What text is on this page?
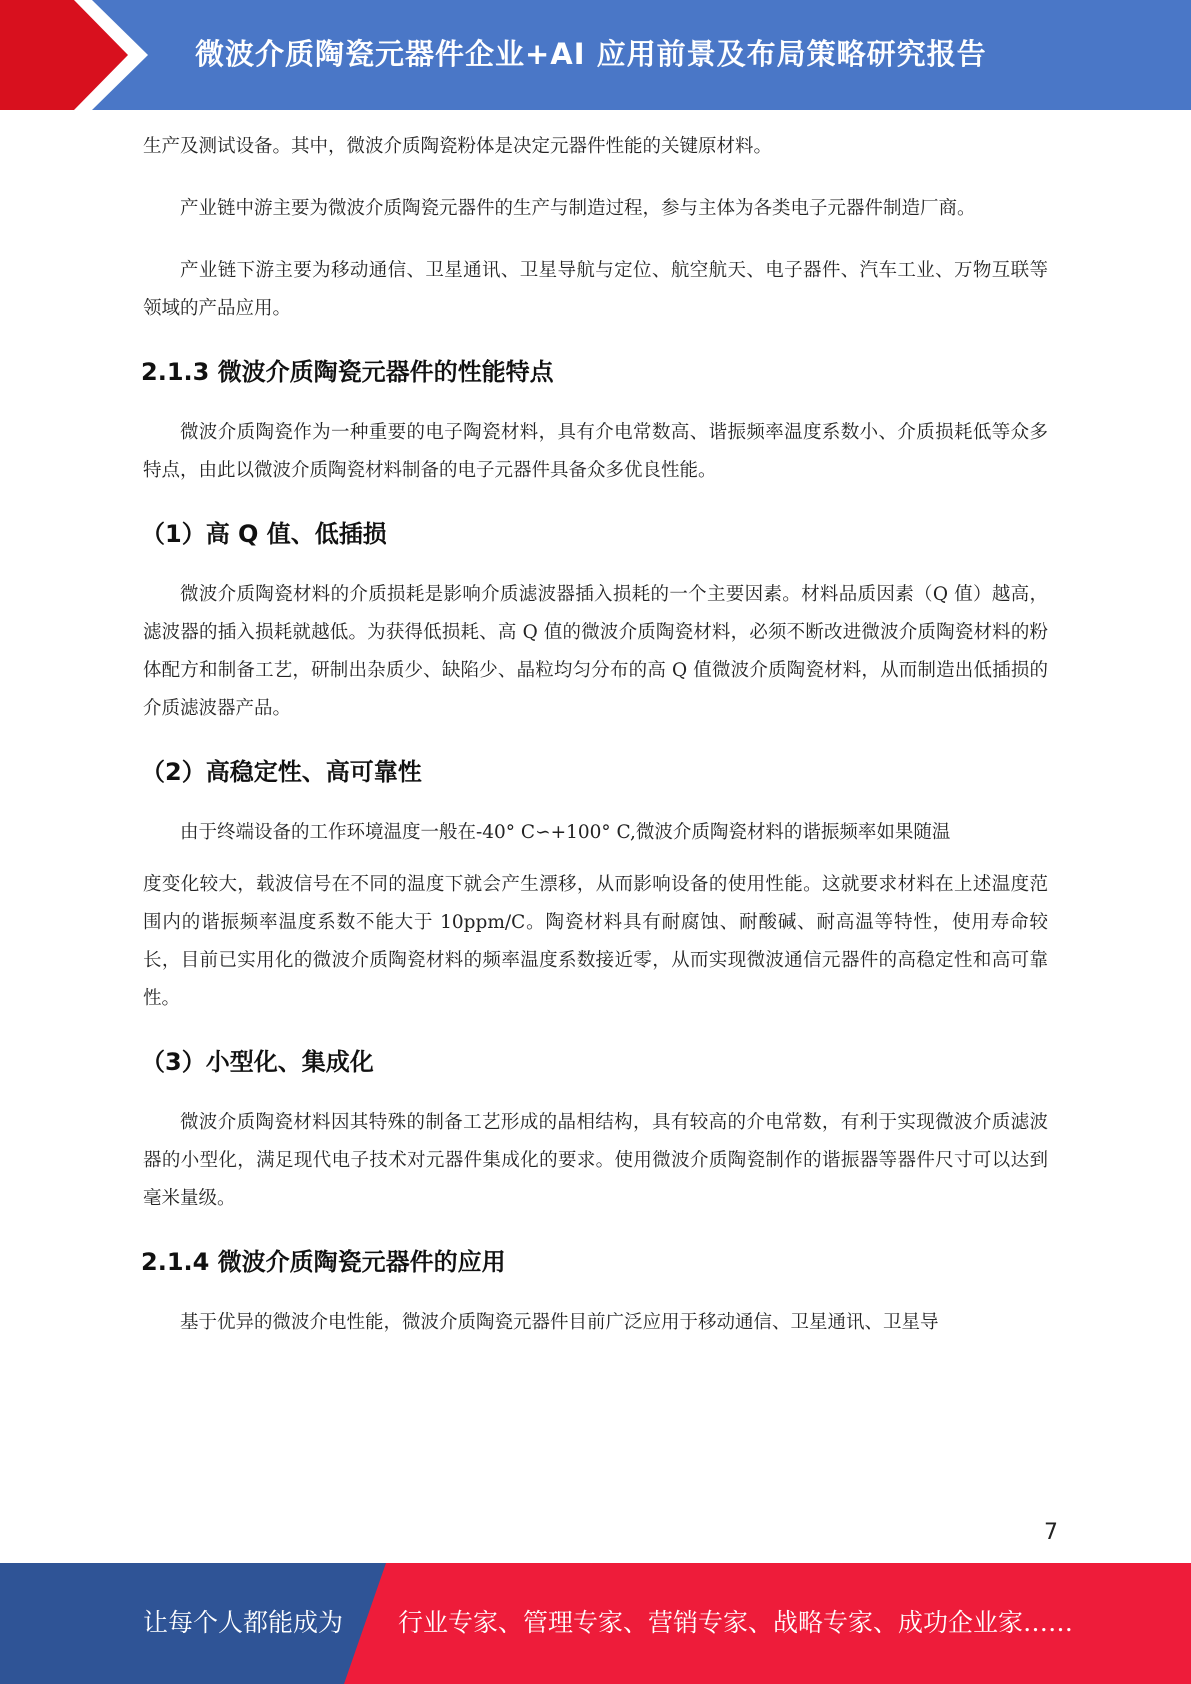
微波介质陶瓷元器件企业+AI 应用前景及布局策略研究报告

生产及测试设备。其中，微波介质陶瓷粉体是决定元器件性能的关键原材料。

产业链中游主要为微波介质陶瓷元器件的生产与制造过程，参与主体为各类电子元器件制造厂商。

产业链下游主要为移动通信、卫星通讯、卫星导航与定位、航空航天、电子器件、汽车工业、万物互联等领域的产品应用。

2.1.3 微波介质陶瓷元器件的性能特点

微波介质陶瓷作为一种重要的电子陶瓷材料，具有介电常数高、谐振频率温度系数小、介质损耗低等众多特点，由此以微波介质陶瓷材料制备的电子元器件具备众多优良性能。

（1）高 Q 值、低插损

微波介质陶瓷材料的介质损耗是影响介质滤波器插入损耗的一个主要因素。材料品质因素（Q 值）越高，滤波器的插入损耗就越低。为获得低损耗、高 Q 值的微波介质陶瓷材料，必须不断改进微波介质陶瓷材料的粉体配方和制备工艺，研制出杂质少、缺陷少、晶粒均匀分布的高 Q 值微波介质陶瓷材料，从而制造出低插损的介质滤波器产品。

（2）高稳定性、高可靠性

由于终端设备的工作环境温度一般在-40° C∽+100° C,微波介质陶瓷材料的谐振频率如果随温

度变化较大，载波信号在不同的温度下就会产生漂移，从而影响设备的使用性能。这就要求材料在上述温度范围内的谐振频率温度系数不能大于 10ppm/C。陶瓷材料具有耐腐蚀、耐酸碱、耐高温等特性，使用寿命较长，目前已实用化的微波介质陶瓷材料的频率温度系数接近零，从而实现微波通信元器件的高稳定性和高可靠性。

（3）小型化、集成化

微波介质陶瓷材料因其特殊的制备工艺形成的晶相结构，具有较高的介电常数，有利于实现微波介质滤波器的小型化，满足现代电子技术对元器件集成化的要求。使用微波介质陶瓷制作的谐振器等器件尺寸可以达到毫米量级。

2.1.4 微波介质陶瓷元器件的应用

基于优异的微波介电性能，微波介质陶瓷元器件目前广泛应用于移动通信、卫星通讯、卫星导

7
让每个人都能成为 行业专家、管理专家、营销专家、战略专家、成功企业家……
